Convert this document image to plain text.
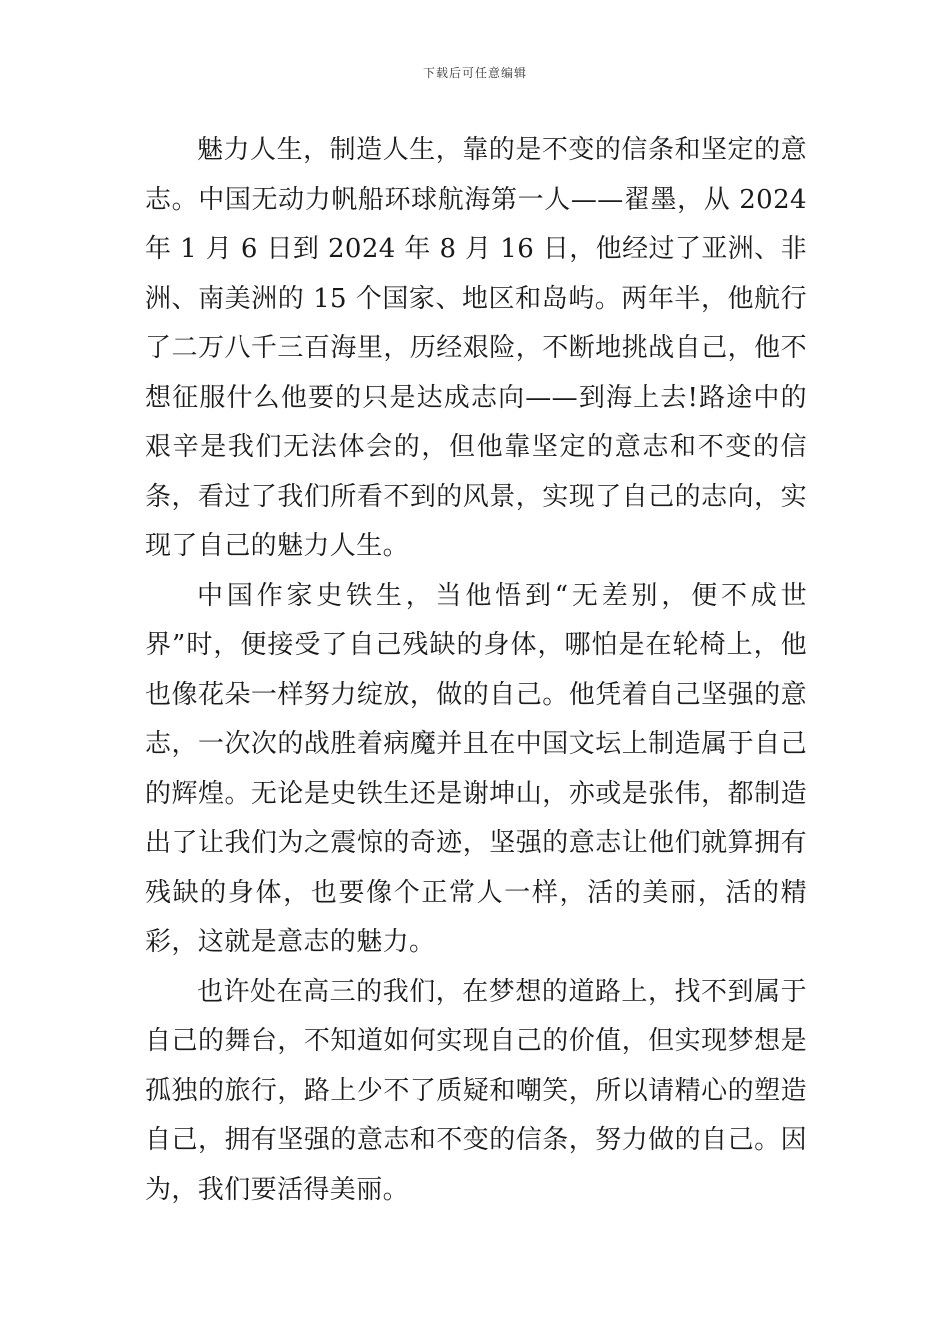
下载后可任意编辑

魅力人生，制造人生，靠的是不变的信条和坚定的意志。中国无动力帆船环球航海第一人——翟墨，从 2024 年 1 月 6 日到 2024 年 8 月 16 日，他经过了亚洲、非洲、南美洲的 15 个国家、地区和岛屿。两年半，他航行了二万八千三百海里，历经艰险，不断地挑战自己，他不想征服什么他要的只是达成志向——到海上去!路途中的艰辛是我们无法体会的，但他靠坚定的意志和不变的信条，看过了我们所看不到的风景，实现了自己的志向，实现了自己的魅力人生。

中国作家史铁生，当他悟到“无差别，便不成世界”时，便接受了自己残缺的身体，哪怕是在轮椅上，他也像花朵一样努力绽放，做的自己。他凭着自己坚强的意志，一次次的战胜着病魔并且在中国文坛上制造属于自己的辉煌。无论是史铁生还是谢坤山，亦或是张伟，都制造出了让我们为之震惊的奇迹，坚强的意志让他们就算拥有残缺的身体，也要像个正常人一样，活的美丽，活的精彩，这就是意志的魅力。

也许处在高三的我们，在梦想的道路上，找不到属于自己的舞台，不知道如何实现自己的价值，但实现梦想是孤独的旅行，路上少不了质疑和嘲笑，所以请精心的塑造自己，拥有坚强的意志和不变的信条，努力做的自己。因为，我们要活得美丽。
